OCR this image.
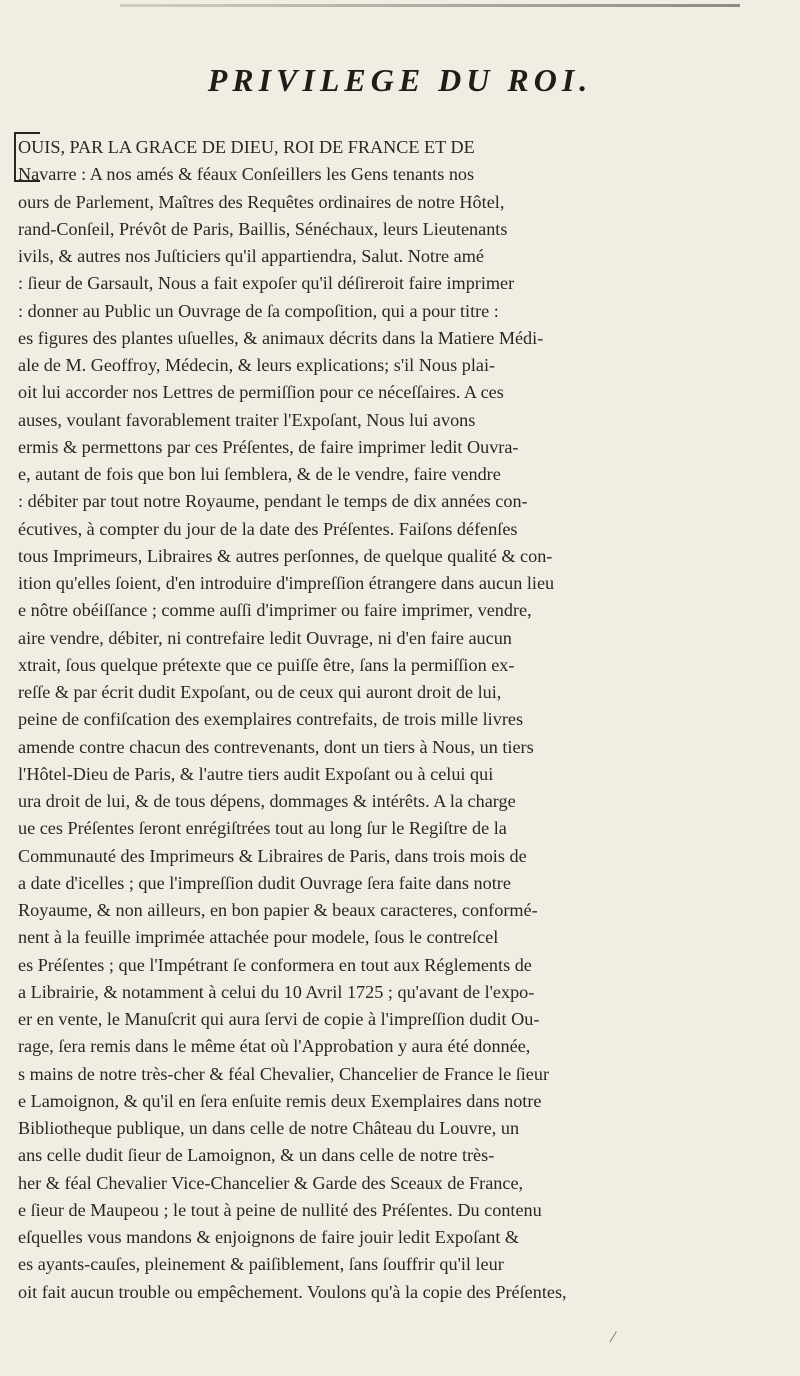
PRIVILEGE DU ROI.
OUIS, PAR LA GRACE DE DIEU, ROI DE FRANCE ET DE
Navarre : A nos amés & féaux Conſeillers les Gens tenants nos
ours de Parlement, Maîtres des Requêtes ordinaires de notre Hôtel,
rand-Conſeil, Prévôt de Paris, Baillis, Sénéchaux, leurs Lieutenants
ivils, & autres nos Juſticiers qu'il appartiendra, Salut. Notre amé
: ſieur de Garsault, Nous a fait expoſer qu'il déſireroit faire imprimer
: donner au Public un Ouvrage de ſa compoſition, qui a pour titre :
es figures des plantes uſuelles, & animaux décrits dans la Matiere Médi-
ale de M. Geoffroy, Médecin, & leurs explications; s'il Nous plai-
oit lui accorder nos Lettres de permiſſion pour ce néceſſaires. A ces
auses, voulant favorablement traiter l'Expoſant, Nous lui avons
ermis & permettons par ces Préſentes, de faire imprimer ledit Ouvra-
e, autant de fois que bon lui ſemblera, & de le vendre, faire vendre
: débiter par tout notre Royaume, pendant le temps de dix années con-
écutives, à compter du jour de la date des Préſentes. Faiſons défenſes
tous Imprimeurs, Libraires & autres perſonnes, de quelque qualité & con-
ition qu'elles ſoient, d'en introduire d'impreſſion étrangere dans aucun lieu
e nôtre obéiſſance ; comme auſſi d'imprimer ou faire imprimer, vendre,
aire vendre, débiter, ni contrefaire ledit Ouvrage, ni d'en faire aucun
xtrait, ſous quelque prétexte que ce puiſſe être, ſans la permiſſion ex-
reſſe & par écrit dudit Expoſant, ou de ceux qui auront droit de lui,
peine de confiſcation des exemplaires contrefaits, de trois mille livres
amende contre chacun des contrevenants, dont un tiers à Nous, un tiers
l'Hôtel-Dieu de Paris, & l'autre tiers audit Expoſant ou à celui qui
ura droit de lui, & de tous dépens, dommages & intérêts. A la charge
ue ces Préſentes ſeront enrégiſtrées tout au long ſur le Regiſtre de la
Communauté des Imprimeurs & Libraires de Paris, dans trois mois de
a date d'icelles ; que l'impreſſion dudit Ouvrage ſera faite dans notre
Royaume, & non ailleurs, en bon papier & beaux caracteres, conformé-
nent à la feuille imprimée attachée pour modele, ſous le contreſcel
es Préſentes ; que l'Impétrant ſe conformera en tout aux Réglements de
a Librairie, & notamment à celui du 10 Avril 1725 ; qu'avant de l'expo-
er en vente, le Manuſcrit qui aura ſervi de copie à l'impreſſion dudit Ou-
rage, ſera remis dans le même état où l'Approbation y aura été donnée,
s mains de notre très-cher & féal Chevalier, Chancelier de France le ſieur
e Lamoignon, & qu'il en ſera enſuite remis deux Exemplaires dans notre
Bibliotheque publique, un dans celle de notre Château du Louvre, un
ans celle dudit ſieur de Lamoignon, & un dans celle de notre très-
her & féal Chevalier Vice-Chancelier & Garde des Sceaux de France,
e ſieur de Maupeou ; le tout à peine de nullité des Préſentes. Du contenu
eſquelles vous mandons & enjoignons de faire jouir ledit Expoſant &
es ayants-cauſes, pleinement & paiſiblement, ſans ſouffrir qu'il leur
oit fait aucun trouble ou empêchement. Voulons qu'à la copie des Préſentes,
⁄
